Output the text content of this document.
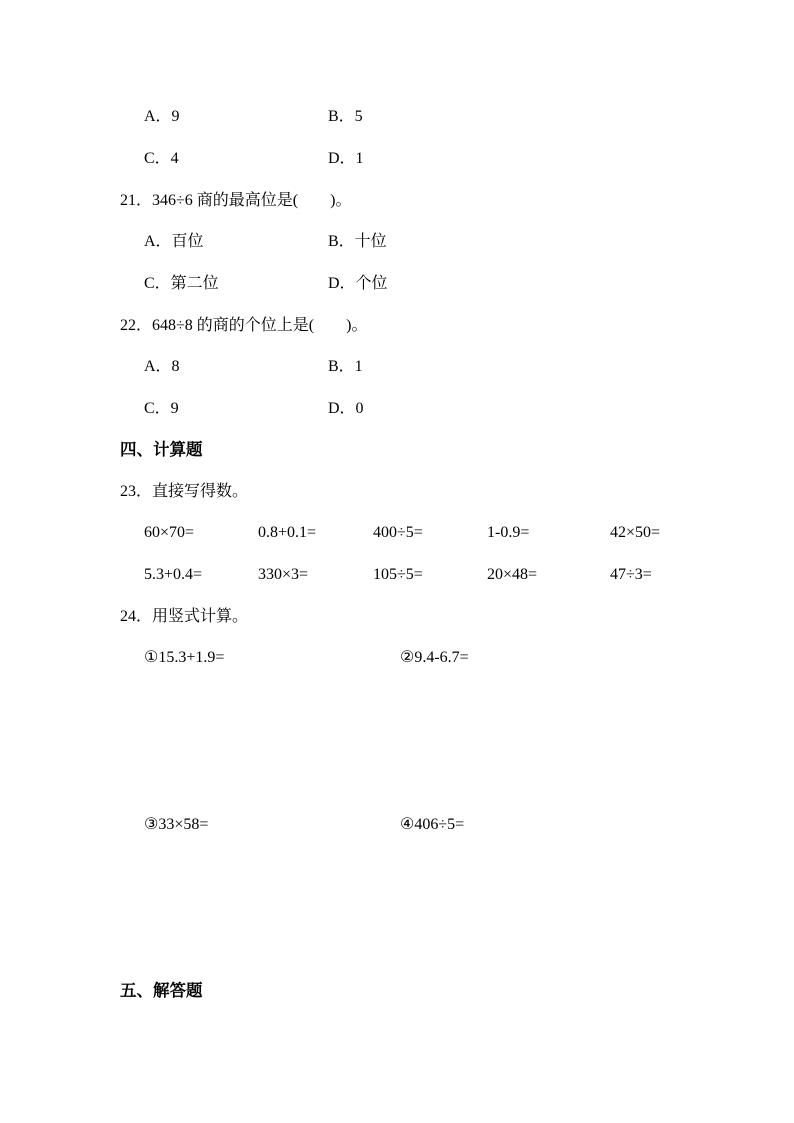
A．9	B．5
C．4	D．1
21．346÷6 商的最高位是(　　)。
A．百位	B．十位
C．第二位	D．个位
22．648÷8 的商的个位上是(　　)。
A．8	B．1
C．9	D．0
四、计算题
23．直接写得数。
60×70=	0.8+0.1=	400÷5=	1-0.9=	42×50=
5.3+0.4=	330×3=	105÷5=	20×48=	47÷3=
24．用竖式计算。
①15.3+1.9=	②9.4-6.7=
③33×58=	④406÷5=
五、解答题
